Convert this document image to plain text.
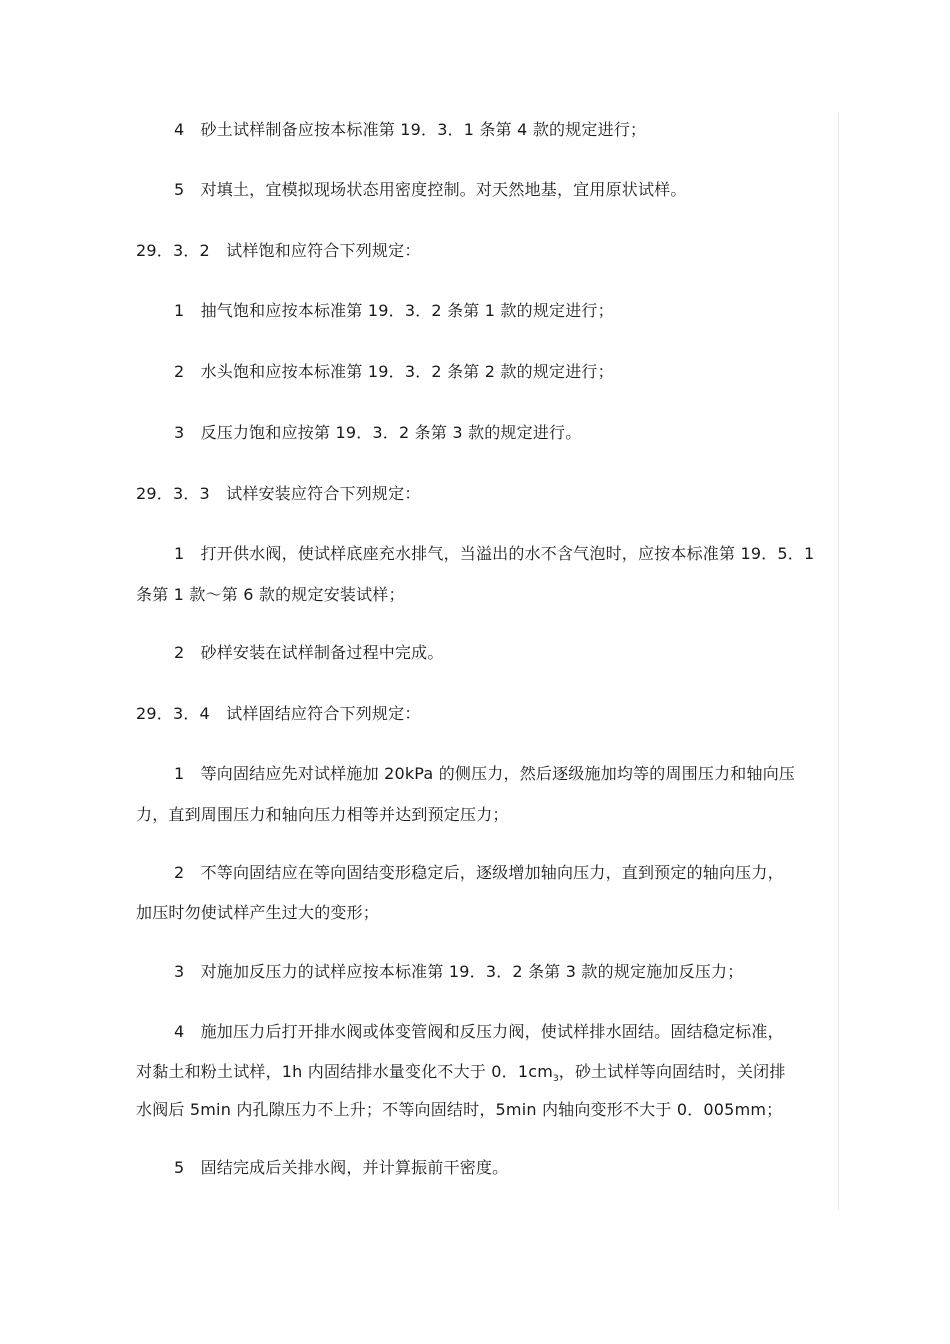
4　砂土试样制备应按本标准第 19．3．1 条第 4 款的规定进行；
5　对填土，宜模拟现场状态用密度控制。对天然地基，宜用原状试样。
29．3．2　试样饱和应符合下列规定：
1　抽气饱和应按本标准第 19．3．2 条第 1 款的规定进行；
2　水头饱和应按本标准第 19．3．2 条第 2 款的规定进行；
3　反压力饱和应按第 19．3．2 条第 3 款的规定进行。
29．3．3　试样安装应符合下列规定：
1　打开供水阀，使试样底座充水排气，当溢出的水不含气泡时，应按本标准第 19．5．1
条第 1 款～第 6 款的规定安装试样；
2　砂样安装在试样制备过程中完成。
29．3．4　试样固结应符合下列规定：
1　等向固结应先对试样施加 20kPa 的侧压力，然后逐级施加均等的周围压力和轴向压
力，直到周围压力和轴向压力相等并达到预定压力；
2　不等向固结应在等向固结变形稳定后，逐级增加轴向压力，直到预定的轴向压力，
加压时勿使试样产生过大的变形；
3　对施加反压力的试样应按本标准第 19．3．2 条第 3 款的规定施加反压力；
4　施加压力后打开排水阀或体变管阀和反压力阀，使试样排水固结。固结稳定标准，
对黏土和粉土试样，1h 内固结排水量变化不大于 0．$1cm_3$，砂土试样等向固结时，关闭排
水阀后 5min 内孔隙压力不上升；不等向固结时，5min 内轴向变形不大于 0．005mm；
5　固结完成后关排水阀，并计算振前干密度。
